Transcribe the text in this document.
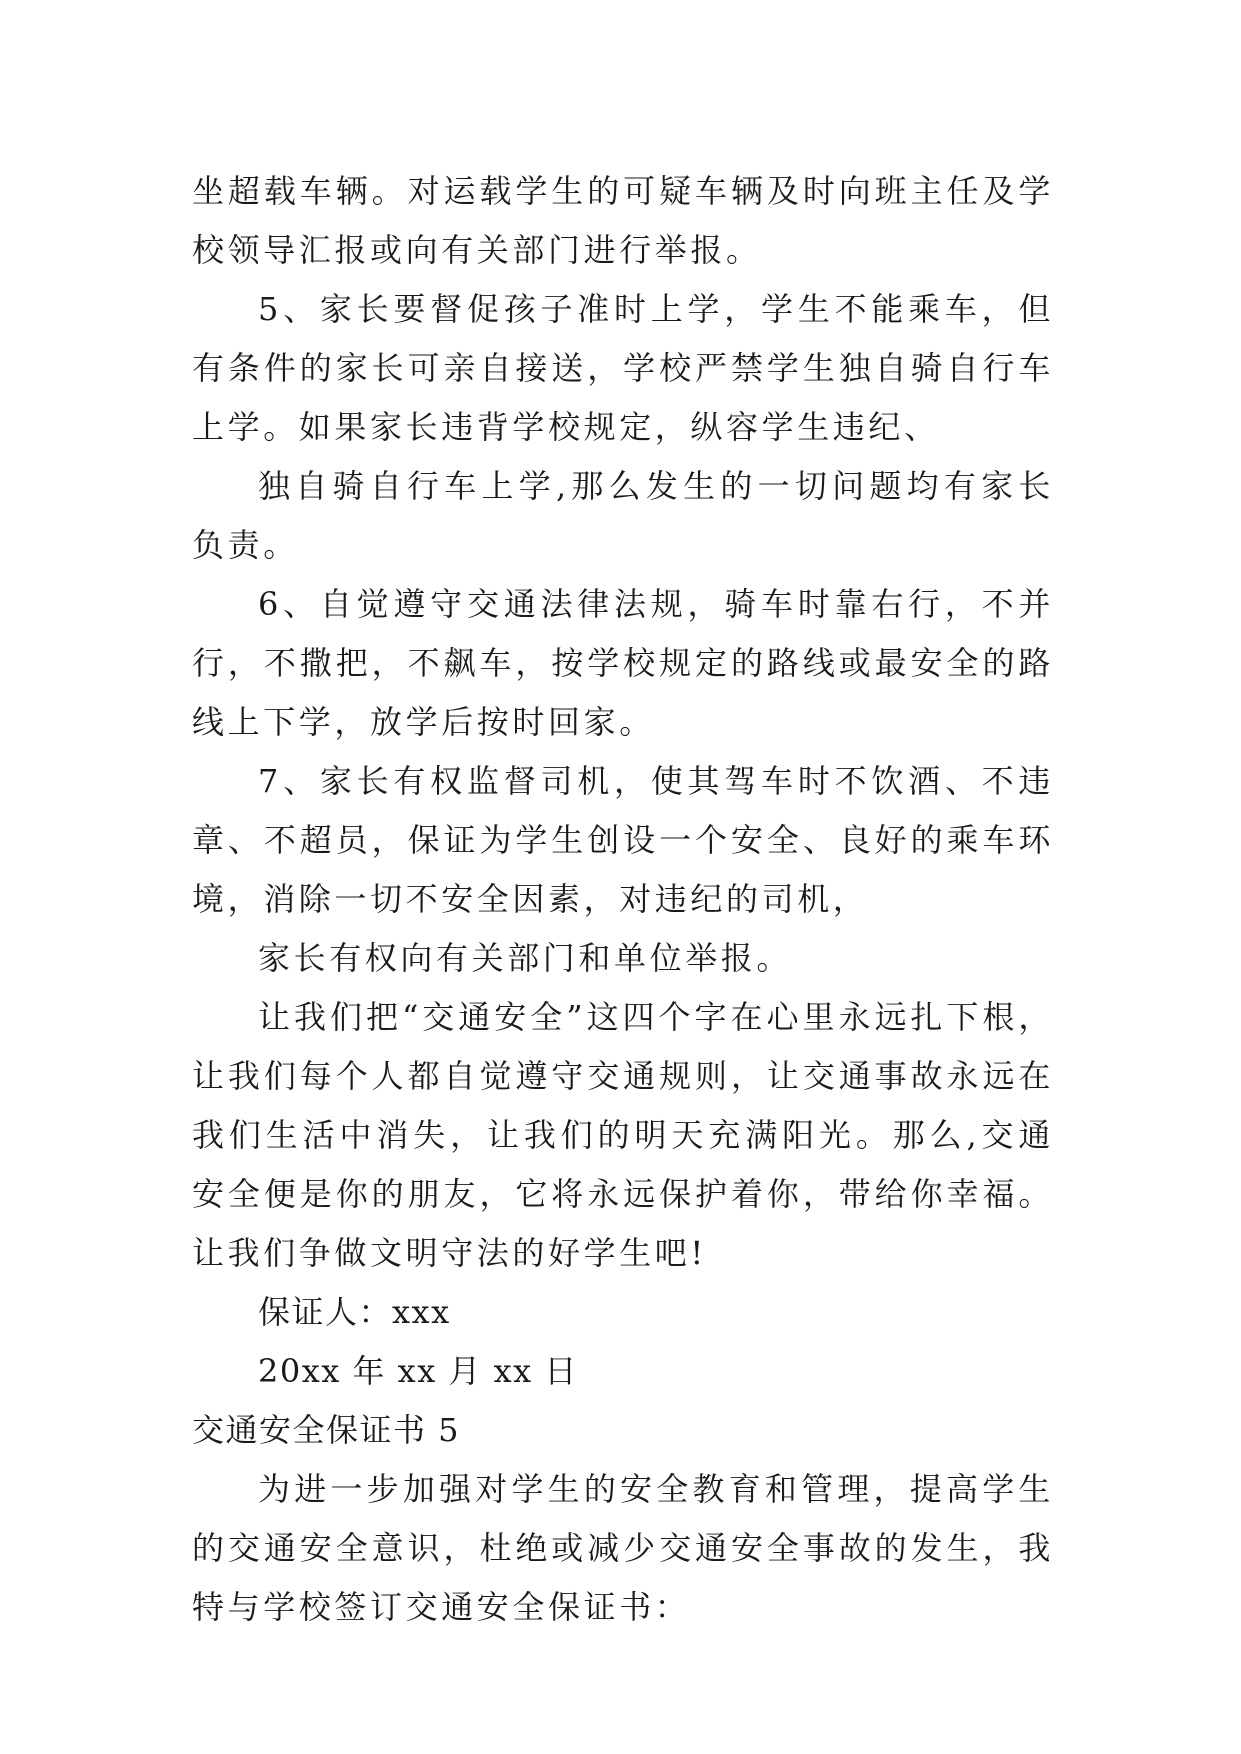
坐超载车辆。对运载学生的可疑车辆及时向班主任及学校领导汇报或向有关部门进行举报。

5、家长要督促孩子准时上学，学生不能乘车，但有条件的家长可亲自接送，学校严禁学生独自骑自行车上学。如果家长违背学校规定，纵容学生违纪、

独自骑自行车上学,那么发生的一切问题均有家长负责。

6、自觉遵守交通法律法规，骑车时靠右行，不并行，不撒把，不飙车，按学校规定的路线或最安全的路线上下学，放学后按时回家。

7、家长有权监督司机，使其驾车时不饮酒、不违章、不超员，保证为学生创设一个安全、良好的乘车环境，消除一切不安全因素，对违纪的司机，

家长有权向有关部门和单位举报。

让我们把“交通安全”这四个字在心里永远扎下根，让我们每个人都自觉遵守交通规则，让交通事故永远在我们生活中消失，让我们的明天充满阳光。那么,交通安全便是你的朋友，它将永远保护着你，带给你幸福。让我们争做文明守法的好学生吧!

保证人：xxx

20xx 年 xx 月 xx 日

交通安全保证书 5

为进一步加强对学生的安全教育和管理，提高学生的交通安全意识，杜绝或减少交通安全事故的发生，我特与学校签订交通安全保证书：
